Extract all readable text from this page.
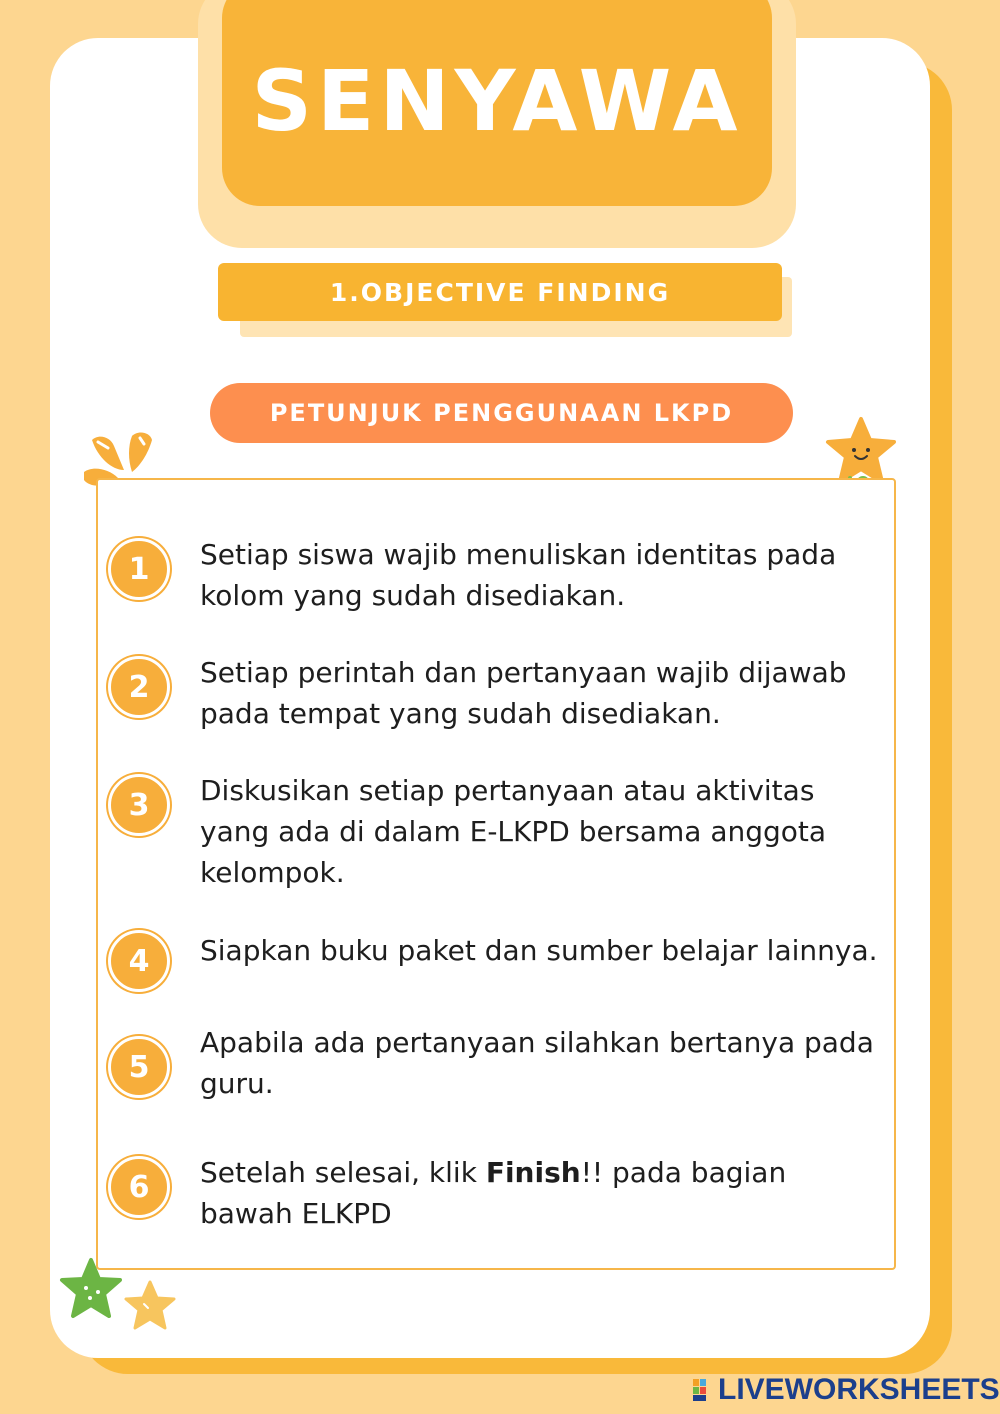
SENYAWA
1.OBJECTIVE FINDING
PETUNJUK PENGGUNAAN LKPD
1	Setiap siswa wajib menuliskan identitas pada kolom yang sudah disediakan.
2	Setiap perintah dan pertanyaan wajib dijawab pada tempat yang sudah disediakan.
3	Diskusikan setiap pertanyaan atau aktivitas yang ada di dalam E-LKPD bersama anggota kelompok.
4	Siapkan buku paket dan sumber belajar lainnya.
5
Apabila ada pertanyaan silahkan bertanya pada guru.
6	Setelah selesai, klik Finish!! pada bagian bawah ELKPD
LIVEWORKSHEETS
